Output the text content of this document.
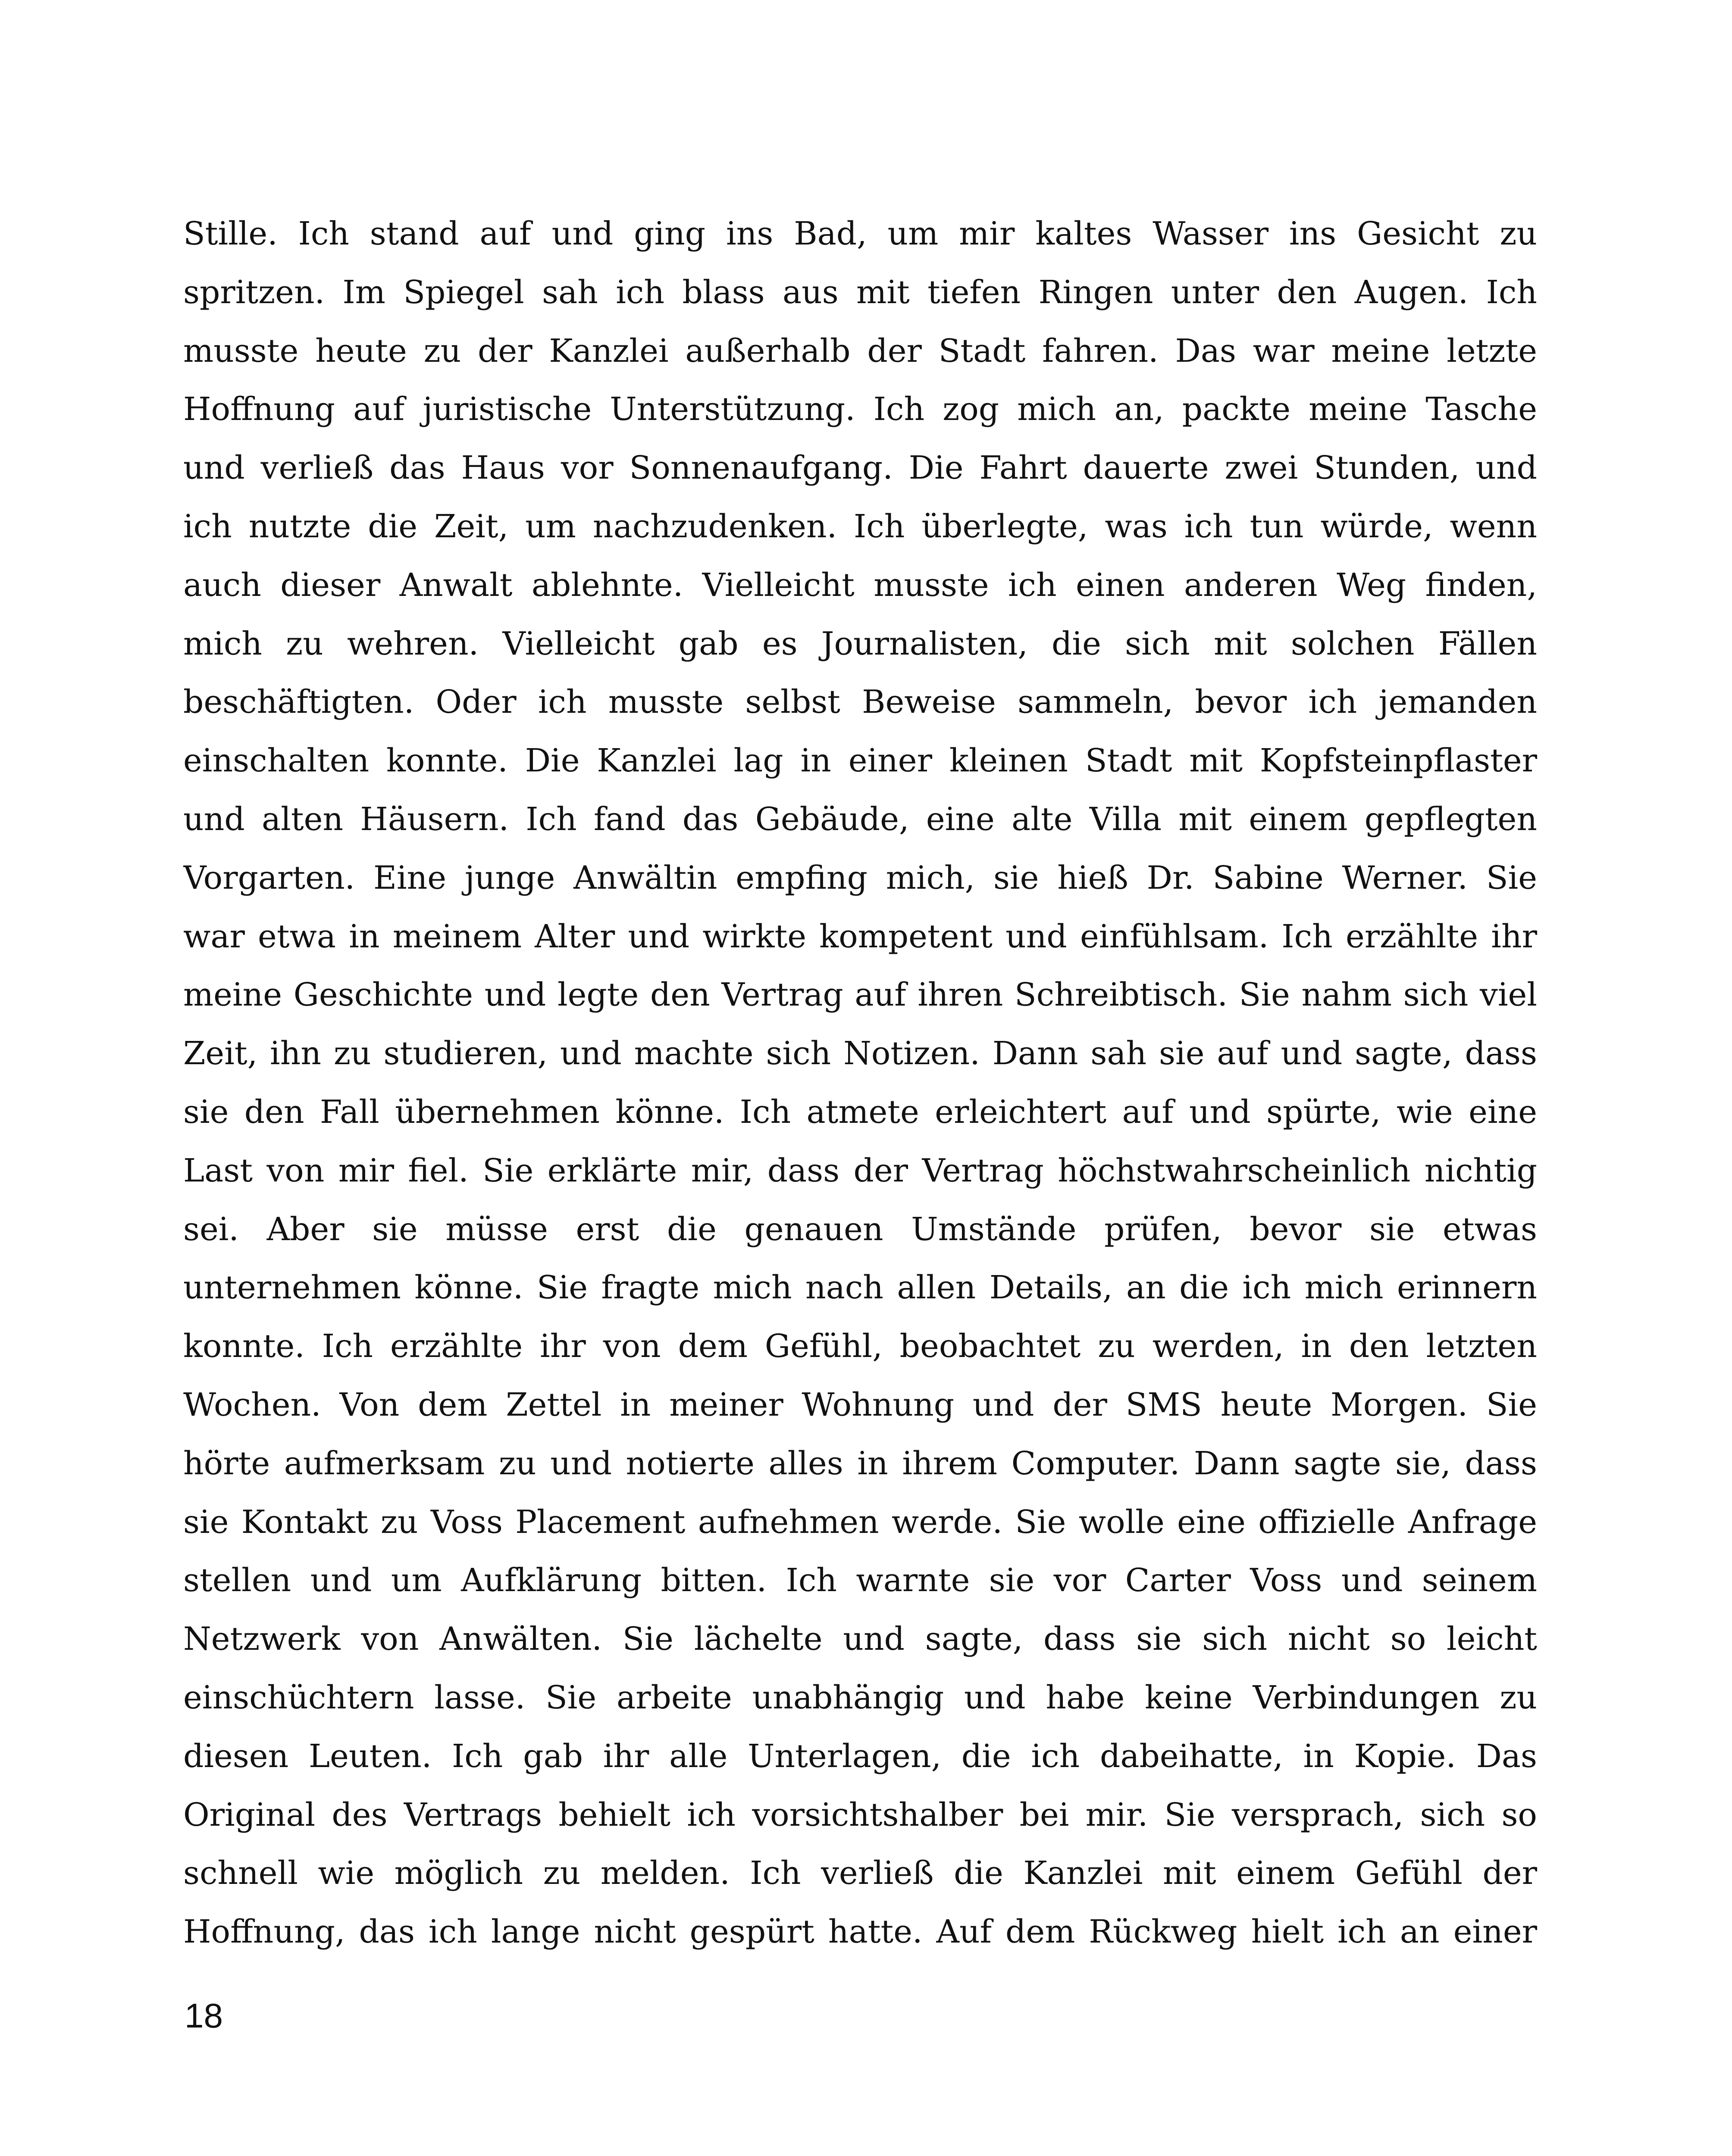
Stille. Ich stand auf und ging ins Bad, um mir kaltes Wasser ins Gesicht zu
spritzen. Im Spiegel sah ich blass aus mit tiefen Ringen unter den Augen. Ich
musste heute zu der Kanzlei außerhalb der Stadt fahren. Das war meine letzte
Hoffnung auf juristische Unterstützung. Ich zog mich an, packte meine Tasche
und verließ das Haus vor Sonnenaufgang. Die Fahrt dauerte zwei Stunden, und
ich nutzte die Zeit, um nachzudenken. Ich überlegte, was ich tun würde, wenn
auch dieser Anwalt ablehnte. Vielleicht musste ich einen anderen Weg finden,
mich zu wehren. Vielleicht gab es Journalisten, die sich mit solchen Fällen
beschäftigten. Oder ich musste selbst Beweise sammeln, bevor ich jemanden
einschalten konnte. Die Kanzlei lag in einer kleinen Stadt mit Kopfsteinpflaster
und alten Häusern. Ich fand das Gebäude, eine alte Villa mit einem gepflegten
Vorgarten. Eine junge Anwältin empfing mich, sie hieß Dr. Sabine Werner. Sie
war etwa in meinem Alter und wirkte kompetent und einfühlsam. Ich erzählte ihr
meine Geschichte und legte den Vertrag auf ihren Schreibtisch. Sie nahm sich viel
Zeit, ihn zu studieren, und machte sich Notizen. Dann sah sie auf und sagte, dass
sie den Fall übernehmen könne. Ich atmete erleichtert auf und spürte, wie eine
Last von mir fiel. Sie erklärte mir, dass der Vertrag höchstwahrscheinlich nichtig
sei. Aber sie müsse erst die genauen Umstände prüfen, bevor sie etwas
unternehmen könne. Sie fragte mich nach allen Details, an die ich mich erinnern
konnte. Ich erzählte ihr von dem Gefühl, beobachtet zu werden, in den letzten
Wochen. Von dem Zettel in meiner Wohnung und der SMS heute Morgen. Sie
hörte aufmerksam zu und notierte alles in ihrem Computer. Dann sagte sie, dass
sie Kontakt zu Voss Placement aufnehmen werde. Sie wolle eine offizielle Anfrage
stellen und um Aufklärung bitten. Ich warnte sie vor Carter Voss und seinem
Netzwerk von Anwälten. Sie lächelte und sagte, dass sie sich nicht so leicht
einschüchtern lasse. Sie arbeite unabhängig und habe keine Verbindungen zu
diesen Leuten. Ich gab ihr alle Unterlagen, die ich dabeihatte, in Kopie. Das
Original des Vertrags behielt ich vorsichtshalber bei mir. Sie versprach, sich so
schnell wie möglich zu melden. Ich verließ die Kanzlei mit einem Gefühl der
Hoffnung, das ich lange nicht gespürt hatte. Auf dem Rückweg hielt ich an einer
18
